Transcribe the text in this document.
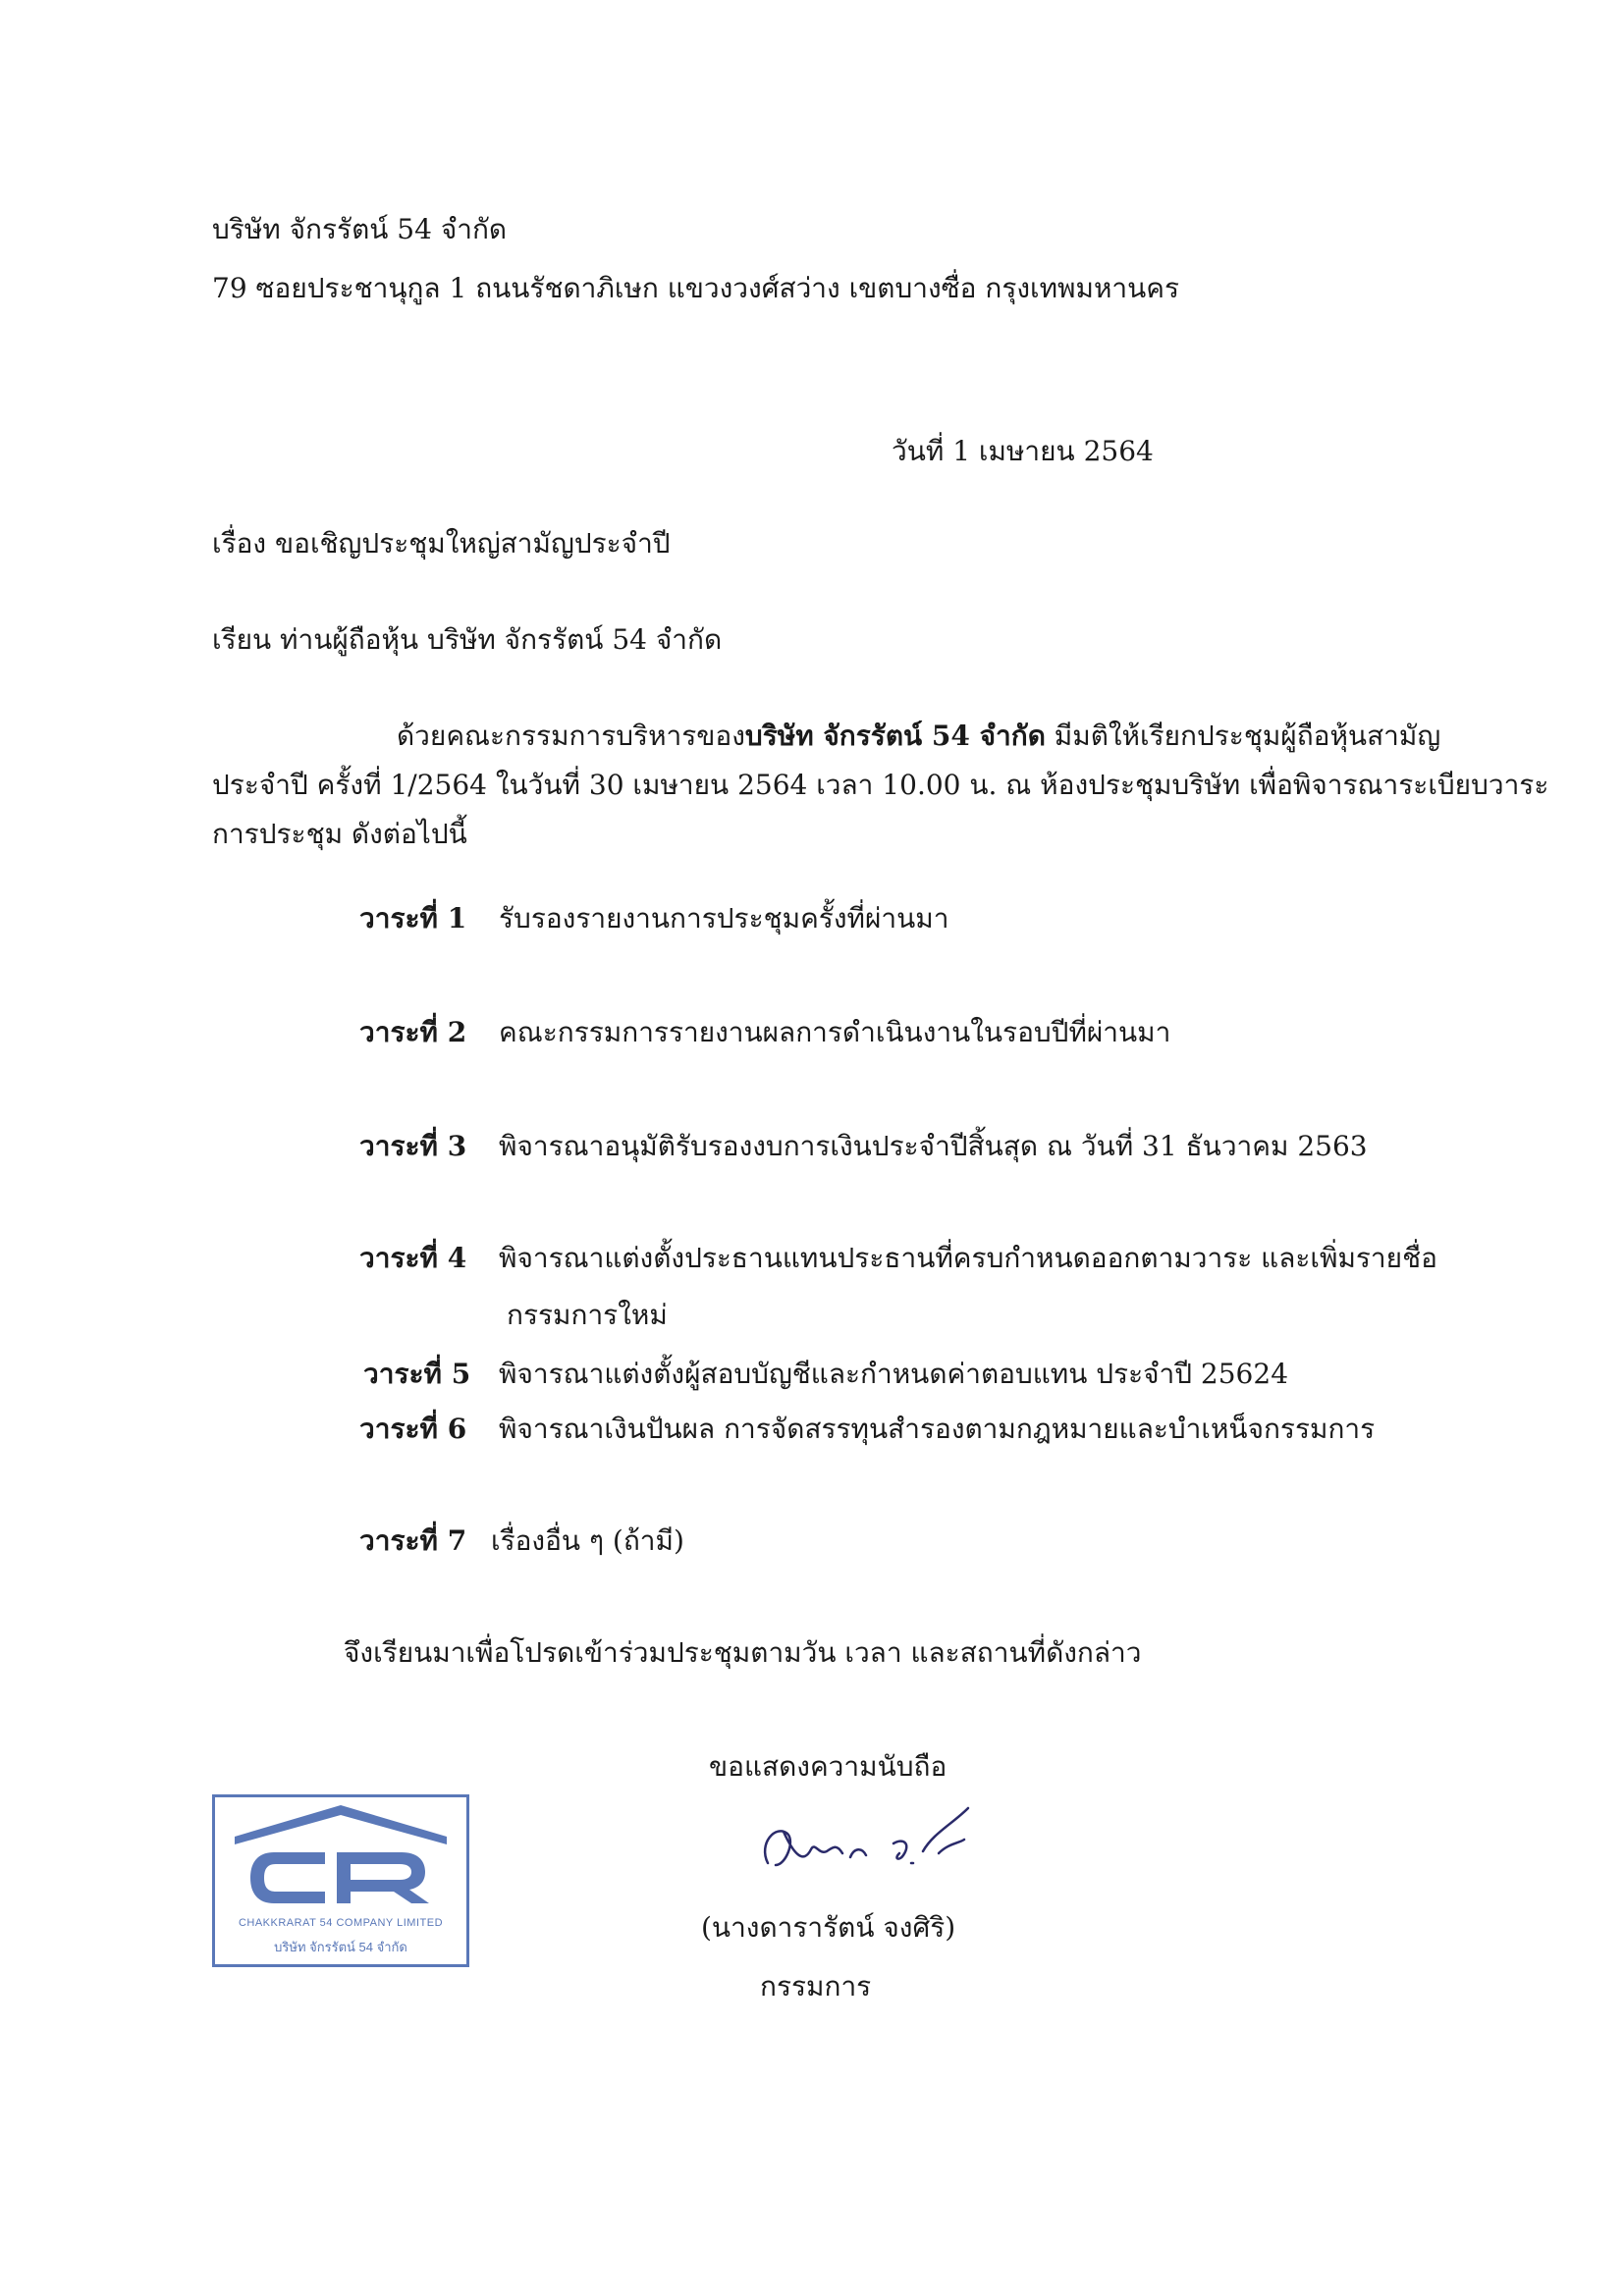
บริษัท จักรรัตน์ 54 จำกัด
79 ซอยประชานุกูล 1 ถนนรัชดาภิเษก แขวงวงศ์สว่าง เขตบางซื่อ กรุงเทพมหานคร
วันที่ 1 เมษายน 2564
เรื่อง ขอเชิญประชุมใหญ่สามัญประจำปี
เรียน ท่านผู้ถือหุ้น บริษัท จักรรัตน์ 54 จำกัด
ด้วยคณะกรรมการบริหารของบริษัท จักรรัตน์ 54 จำกัด มีมติให้เรียกประชุมผู้ถือหุ้นสามัญ
ประจำปี ครั้งที่ 1/2564 ในวันที่ 30 เมษายน 2564 เวลา 10.00 น. ณ ห้องประชุมบริษัท เพื่อพิจารณาระเบียบวาระ
การประชุม ดังต่อไปนี้
วาระที่ 1 รับรองรายงานการประชุมครั้งที่ผ่านมา
วาระที่ 2 คณะกรรมการรายงานผลการดำเนินงานในรอบปีที่ผ่านมา
วาระที่ 3 พิจารณาอนุมัติรับรองงบการเงินประจำปีสิ้นสุด ณ วันที่ 31 ธันวาคม 2563
วาระที่ 4 พิจารณาแต่งตั้งประธานแทนประธานที่ครบกำหนดออกตามวาระ และเพิ่มรายชื่อ
กรรมการใหม่
วาระที่ 5 พิจารณาแต่งตั้งผู้สอบบัญชีและกำหนดค่าตอบแทน ประจำปี 25624
วาระที่ 6 พิจารณาเงินปันผล การจัดสรรทุนสำรองตามกฎหมายและบำเหน็จกรรมการ
วาระที่ 7 เรื่องอื่น ๆ (ถ้ามี)
จึงเรียนมาเพื่อโปรดเข้าร่วมประชุมตามวัน เวลา และสถานที่ดังกล่าว
ขอแสดงความนับถือ
(นางดารารัตน์ จงศิริ)
กรรมการ
CHAKKRARAT 54 COMPANY LIMITED
บริษัท จักรรัตน์ 54 จำกัด
